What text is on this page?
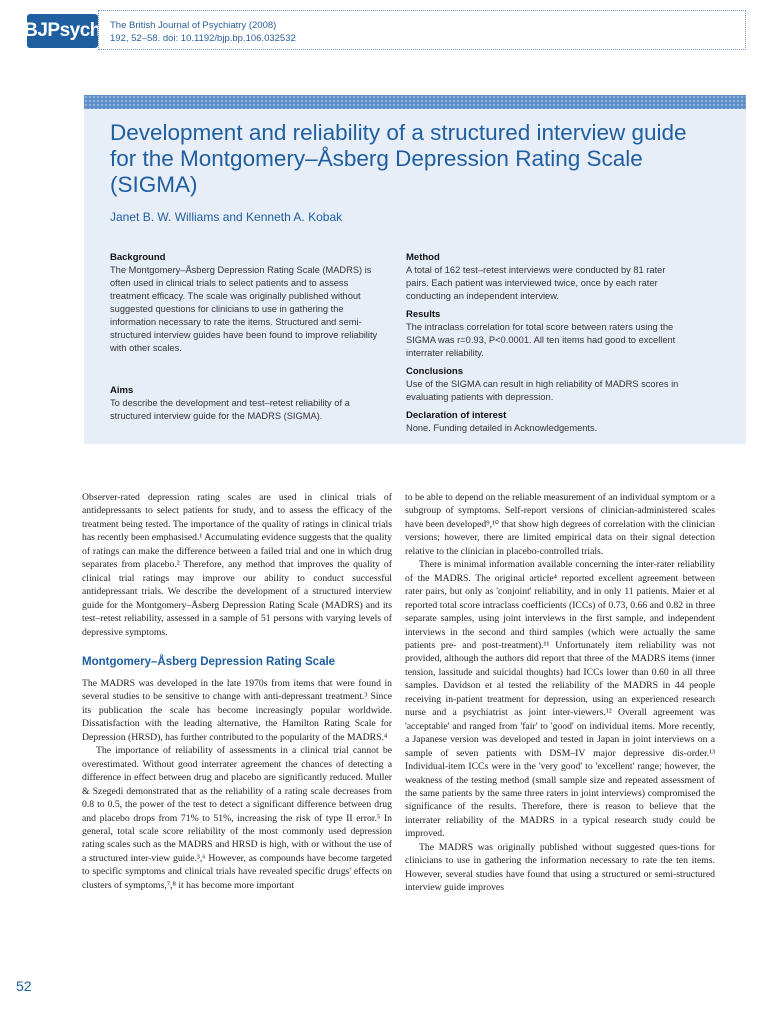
BJPsych The British Journal of Psychiatry (2008)
192, 52–58. doi: 10.1192/bjp.bp.106.032532
Development and reliability of a structured interview guide for the Montgomery–Åsberg Depression Rating Scale (SIGMA)
Janet B. W. Williams and Kenneth A. Kobak
Background

The Montgomery–Åsberg Depression Rating Scale (MADRS) is often used in clinical trials to select patients and to assess treatment efficacy. The scale was originally published without suggested questions for clinicians to use in gathering the information necessary to rate the items. Structured and semi-structured interview guides have been found to improve reliability with other scales.

Aims

To describe the development and test–retest reliability of a structured interview guide for the MADRS (SIGMA).

Method

A total of 162 test–retest interviews were conducted by 81 rater pairs. Each patient was interviewed twice, once by each rater conducting an independent interview.

Results

The intraclass correlation for total score between raters using the SIGMA was r=0.93, P<0.0001. All ten items had good to excellent interrater reliability.

Conclusions

Use of the SIGMA can result in high reliability of MADRS scores in evaluating patients with depression.

Declaration of interest

None. Funding detailed in Acknowledgements.

Observer-rated depression rating scales are used in clinical trials of antidepressants to select patients for study, and to assess the efficacy of the treatment being tested. The importance of the quality of ratings in clinical trials has recently been emphasised.¹ Accumulating evidence suggests that the quality of ratings can make the difference between a failed trial and one in which drug separates from placebo.² Therefore, any method that improves the quality of clinical trial ratings may improve our ability to conduct successful antidepressant trials. We describe the development of a structured interview guide for the Montgomery–Åsberg Depression Rating Scale (MADRS) and its test–retest reliability, assessed in a sample of 51 persons with varying levels of depressive symptoms.

Montgomery–Åsberg Depression Rating Scale

The MADRS was developed in the late 1970s from items that were found in several studies to be sensitive to change with anti-depressant treatment.³ Since its publication the scale has become increasingly popular worldwide. Dissatisfaction with the leading alternative, the Hamilton Rating Scale for Depression (HRSD), has further contributed to the popularity of the MADRS.⁴

The importance of reliability of assessments in a clinical trial cannot be overestimated. Without good interrater agreement the chances of detecting a difference in effect between drug and placebo are significantly reduced. Muller & Szegedi demonstrated that as the reliability of a rating scale decreases from 0.8 to 0.5, the power of the test to detect a significant difference between drug and placebo drops from 71% to 51%, increasing the risk of type II error.⁵ In general, total scale score reliability of the most commonly used depression rating scales such as the MADRS and HRSD is high, with or without the use of a structured inter-view guide.³,⁶ However, as compounds have become targeted to specific symptoms and clinical trials have revealed specific drugs' effects on clusters of symptoms,⁷,⁸ it has become more important

to be able to depend on the reliable measurement of an individual symptom or a subgroup of symptoms. Self-report versions of clinician-administered scales have been developed⁹,¹⁰ that show high degrees of correlation with the clinician versions; however, there are limited empirical data on their signal detection relative to the clinician in placebo-controlled trials.

There is minimal information available concerning the inter-rater reliability of the MADRS. The original article⁴ reported excellent agreement between rater pairs, but only as 'conjoint' reliability, and in only 11 patients. Maier et al reported total score intraclass coefficients (ICCs) of 0.73, 0.66 and 0.82 in three separate samples, using joint interviews in the first sample, and independent interviews in the second and third samples (which were actually the same patients pre- and post-treatment).¹¹ Unfortunately item reliability was not provided, although the authors did report that three of the MADRS items (inner tension, lassitude and suicidal thoughts) had ICCs lower than 0.60 in all three samples. Davidson et al tested the reliability of the MADRS in 44 people receiving in-patient treatment for depression, using an experienced research nurse and a psychiatrist as joint inter-viewers.¹² Overall agreement was 'acceptable' and ranged from 'fair' to 'good' on individual items. More recently, a Japanese version was developed and tested in Japan in joint interviews on a sample of seven patients with DSM–IV major depressive dis-order.¹³ Individual-item ICCs were in the 'very good' to 'excellent' range; however, the weakness of the testing method (small sample size and repeated assessment of the same patients by the same three raters in joint interviews) compromised the significance of the results. Therefore, there is reason to believe that the interrater reliability of the MADRS in a typical research study could be improved.

The MADRS was originally published without suggested ques-tions for clinicians to use in gathering the information necessary to rate the ten items. However, several studies have found that using a structured or semi-structured interview guide improves

52
